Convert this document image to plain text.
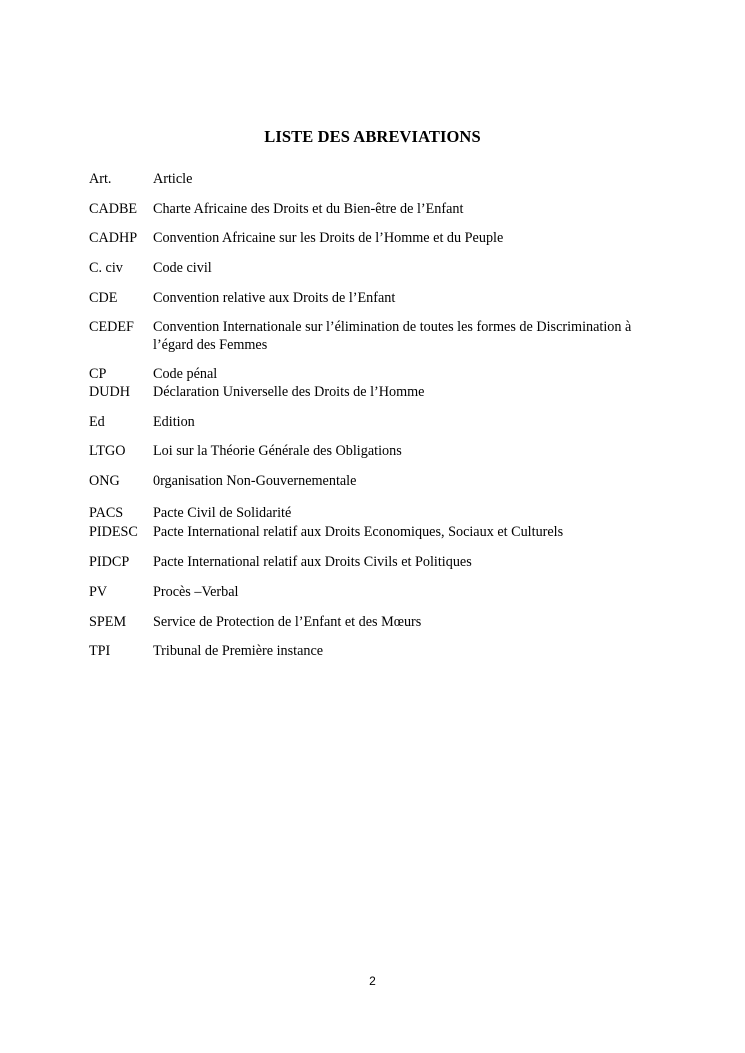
LISTE DES ABREVIATIONS
Art.	Article
CADBE	Charte Africaine des Droits et du Bien-être de l’Enfant
CADHP	Convention Africaine sur les Droits de l’Homme et du Peuple
C. civ	Code civil
CDE	Convention relative aux Droits de l’Enfant
CEDEF	Convention Internationale sur l’élimination de toutes les formes de Discrimination à l’égard des Femmes
CP	Code pénal
DUDH	Déclaration Universelle des Droits de l’Homme
Ed	Edition
LTGO	Loi sur la Théorie Générale des Obligations
ONG	0rganisation Non-Gouvernementale
PACS	Pacte Civil de Solidarité
PIDESC	Pacte International relatif aux Droits Economiques, Sociaux et Culturels
PIDCP	Pacte International relatif aux Droits Civils et Politiques
PV	Procès –Verbal
SPEM	Service de Protection de l’Enfant et des Mœurs
TPI	Tribunal de Première instance
2
